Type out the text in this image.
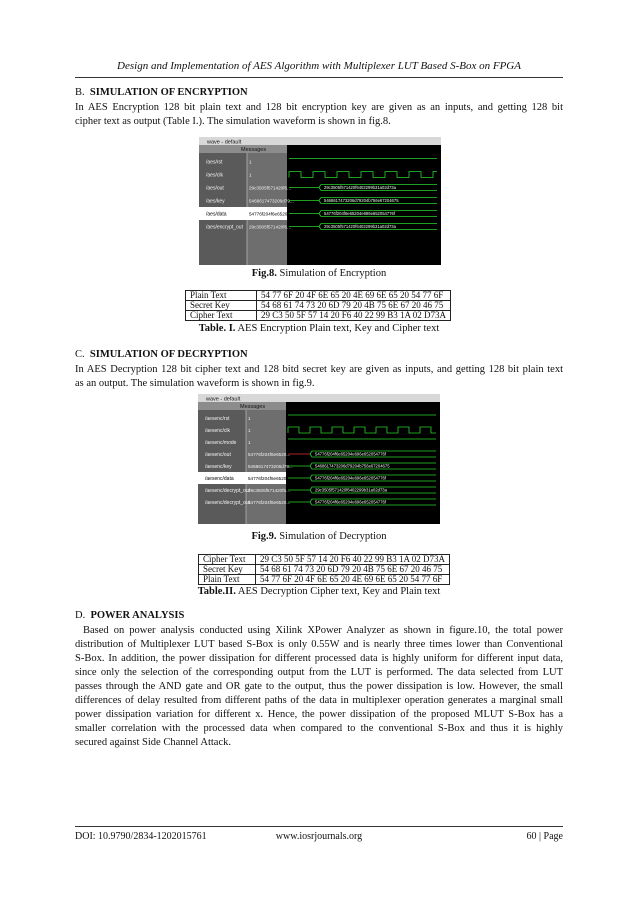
Design and Implementation of AES Algorithm with Multiplexer LUT Based S-Box on FPGA
B. SIMULATION OF ENCRYPTION
In AES Encryption 128 bit plain text and 128 bit encryption key are given as an inputs, and getting 128 bit
cipher text as output (Table I.). The simulation waveform is shown in fig.8.
wave - default
Messages
/aes/rst	1
/aes/clk	1
/aes/out	29c3505f571420f6...	29c3505f571420f6402299b31a02d73a
/aes/key	5468617473206d79...	5468617473206d79204b756e67204675
/aes/data	54776f204f6e6520...	54776f204f6e65204e696e652054776f
/aes/encrypt_out 29c3505f571420f6...	29c3505f571420f6402299b31a02d73a
Fig.8. Simulation of Encryption
Plain Text	54 77 6F 20 4F 6E 65 20 4E 69 6E 65 20 54 77 6F
Secret Key	54 68 61 74 73 20 6D 79 20 4B 75 6E 67 20 46 75
Cipher Text	29 C3 50 5F 57 14 20 F6 40 22 99 B3 1A 02 D73A
Table. I. AES Encryption Plain text, Key and Cipher text
C. SIMULATION OF DECRYPTION
In AES Decryption 128 bit cipher text and 128 bitd secret key are given as inputs, and getting 128 bit plain text
as an output. The simulation waveform is shown in fig.9.
wave - default
Messages
/aesenc/rst	1
/aesenc/clk	1
/aesenc/mode	1
/aesenc/out	54776f204f6e6520...	54776f204f6e65204e696e652054776f
/aesenc/key	5468617473206d79...	5468617473206d79204b756e67204675
/aesenc/data	54776f204f6e6520...	54776f204f6e65204e696e652054776f
/aesenc/decrypt_out
29c3505f571420f6...	29c3505f571420f6402299b31a02d73a
/aesenc/decrypt_out
54776f204f6e6520...	54776f204f6e65204e696e652054776f
Fig.9. Simulation of Decryption
Cipher Text	29 C3 50 5F 57 14 20 F6 40 22 99 B3 1A 02 D73A
Secret Key	54 68 61 74 73 20 6D 79 20 4B 75 6E 67 20 46 75
Plain Text	54 77 6F 20 4F 6E 65 20 4E 69 6E 65 20 54 77 6F
Table.II. AES Decryption Cipher text, Key and Plain text
D. POWER ANALYSIS
Based on power analysis conducted using Xilink XPower Analyzer as shown in figure.10, the total power
distribution of Multiplexer LUT based S-Box is only 0.55W and is nearly three times lower than Conventional
S-Box. In addition, the power dissipation for different processed data is highly uniform for different input data,
since only the selection of the corresponding output from the LUT is performed. The data selected from LUT
passes through the AND gate and OR gate to the output, thus the power dissipation is low. However, the small
differences of delay resulted from different paths of the data in multiplexer operation generates a marginal small
power dissipation variation for different x. Hence, the power dissipation of the proposed MLUT S-Box has a
smaller correlation with the processed data when compared to the conventional S-Box and thus it is highly
secured against Side Channel Attack.
DOI: 10.9790/2834-1202015761	www.iosrjournals.org	60 | Page
